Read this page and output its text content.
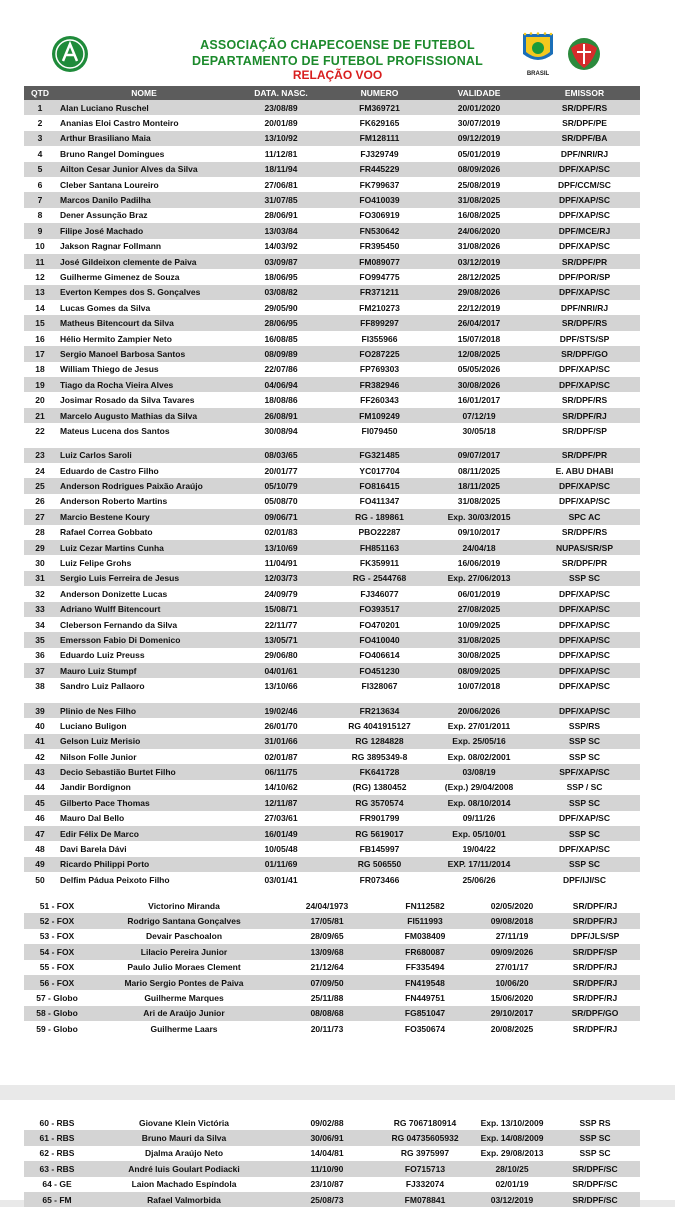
ASSOCIAÇÃO CHAPECOENSE DE FUTEBOL
DEPARTAMENTO DE FUTEBOL PROFISSIONAL
RELAÇÃO VOO	BRASIL
QTD	NOME	DATA. NASC.	NUMERO	VALIDADE	EMISSOR
1	Alan Luciano Ruschel	23/08/89	FM369721	20/01/2020	SR/DPF/RS
2	Ananias Eloi Castro Monteiro	20/01/89	FK629165	30/07/2019	SR/DPF/PE
3	Arthur Brasiliano Maia	13/10/92	FM128111	09/12/2019	SR/DPF/BA
4	Bruno Rangel Domingues	11/12/81	FJ329749	05/01/2019	DPF/NRI/RJ
5	Ailton Cesar Junior Alves da Silva	18/11/94	FR445229	08/09/2026	DPF/XAP/SC
6	Cleber Santana Loureiro	27/06/81	FK799637	25/08/2019	DPF/CCM/SC
7	Marcos Danilo Padilha	31/07/85	FO410039	31/08/2025	DPF/XAP/SC
8	Dener Assunção Braz	28/06/91	FO306919	16/08/2025	DPF/XAP/SC
9	Filipe José Machado	13/03/84	FN530642	24/06/2020	DPF/MCE/RJ
10	Jakson Ragnar Follmann	14/03/92	FR395450	31/08/2026	DPF/XAP/SC
11	José Gildeixon clemente de Paiva	03/09/87	FM089077	03/12/2019	SR/DPF/PR
12	Guilherme Gimenez de Souza	18/06/95	FO994775	28/12/2025	DPF/POR/SP
13	Everton Kempes dos S. Gonçalves	03/08/82	FR371211	29/08/2026	DPF/XAP/SC
14	Lucas Gomes da Silva	29/05/90	FM210273	22/12/2019	DPF/NRI/RJ
15	Matheus Bitencourt da Silva	28/06/95	FF899297	26/04/2017	SR/DPF/RS
16	Hélio Hermito Zampier Neto	16/08/85	FI355966	15/07/2018	DPF/STS/SP
17	Sergio Manoel Barbosa Santos	08/09/89	FO287225	12/08/2025	SR/DPF/GO
18	William Thiego de Jesus	22/07/86	FP769303	05/05/2026	DPF/XAP/SC
19	Tiago da Rocha Vieira Alves	04/06/94	FR382946	30/08/2026	DPF/XAP/SC
20	Josimar Rosado da Silva Tavares	18/08/86	FF260343	16/01/2017	SR/DPF/RS
21	Marcelo Augusto Mathias da Silva	26/08/91	FM109249	07/12/19	SR/DPF/RJ
22	Mateus Lucena dos Santos	30/08/94	FI079450	30/05/18	SR/DPF/SP

23	Luiz Carlos Saroli	08/03/65	FG321485	09/07/2017	SR/DPF/PR
24	Eduardo de Castro Filho	20/01/77	YC017704	08/11/2025	E. ABU DHABI
25	Anderson Rodrigues Paixão Araújo	05/10/79	FO816415	18/11/2025	DPF/XAP/SC
26	Anderson Roberto Martins	05/08/70	FO411347	31/08/2025	DPF/XAP/SC
27	Marcio Bestene Koury	09/06/71	RG - 189861	Exp. 30/03/2015	SPC AC
28	Rafael Correa Gobbato	02/01/83	PBO22287	09/10/2017	SR/DPF/RS
29	Luiz Cezar Martins Cunha	13/10/69	FH851163	24/04/18	NUPAS/SR/SP
30	Luiz Felipe Grohs	11/04/91	FK359911	16/06/2019	SR/DPF/PR
31	Sergio Luis Ferreira de Jesus	12/03/73	RG - 2544768	Exp. 27/06/2013	SSP SC
32	Anderson Donizette Lucas	24/09/79	FJ346077	06/01/2019	DPF/XAP/SC
33	Adriano Wulff Bitencourt	15/08/71	FO393517	27/08/2025	DPF/XAP/SC
34	Cleberson Fernando da Silva	22/11/77	FO470201	10/09/2025	DPF/XAP/SC
35	Emersson Fabio Di Domenico	13/05/71	FO410040	31/08/2025	DPF/XAP/SC
36	Eduardo Luiz Preuss	29/06/80	FO406614	30/08/2025	DPF/XAP/SC
37	Mauro Luiz Stumpf	04/01/61	FO451230	08/09/2025	DPF/XAP/SC
38	Sandro Luiz Pallaoro	13/10/66	FI328067	10/07/2018	DPF/XAP/SC

39	Plinio de Nes Filho	19/02/46	FR213634	20/06/2026	DPF/XAP/SC
40	Luciano Buligon	26/01/70	RG 4041915127	Exp. 27/01/2011	SSP/RS
41	Gelson Luiz Merisio	31/01/66	RG 1284828	Exp. 25/05/16	SSP SC
42	Nilson Folle Junior	02/01/87	RG 3895349-8	Exp. 08/02/2001	SSP SC
43	Decio Sebastião Burtet Filho	06/11/75	FK641728	03/08/19	SPF/XAP/SC
44	Jandir Bordignon	14/10/62	(RG) 1380452	(Exp.) 29/04/2008	SSP / SC
45	Gilberto Pace Thomas	12/11/87	RG 3570574	Exp. 08/10/2014	SSP SC
46	Mauro Dal Bello	27/03/61	FR901799	09/11/26	DPF/XAP/SC
47	Edir Félix De Marco	16/01/49	RG 5619017	Exp. 05/10/01	SSP SC
48	Davi Barela Dávi	10/05/48	FB145997	19/04/22	DPF/XAP/SC
49	Ricardo Philippi Porto	01/11/69	RG 506550	EXP. 17/11/2014	SSP SC
50	Delfim Pádua Peixoto Filho	03/01/41	FR073466	25/06/26	DPF/IJI/SC
51 - FOX	Victorino Miranda	24/04/1973	FN112582	02/05/2020	SR/DPF/RJ
52 - FOX	Rodrigo Santana Gonçalves	17/05/81	FI511993	09/08/2018	SR/DPF/RJ
53 - FOX	Devair Paschoalon	28/09/65	FM038409	27/11/19	DPF/JLS/SP
54 - FOX	Lilacio Pereira Junior	13/09/68	FR680087	09/09/2026	SR/DPF/SP
55 - FOX	Paulo Julio Moraes Clement	21/12/64	FF335494	27/01/17	SR/DPF/RJ
56 - FOX	Mario Sergio Pontes de Paiva	07/09/50	FN419548	10/06/20	SR/DPF/RJ
57 - Globo	Guilherme Marques	25/11/88	FN449751	15/06/2020	SR/DPF/RJ
58 - Globo	Ari de Araújo Junior	08/08/68	FG851047	29/10/2017	SR/DPF/GO
59 - Globo	Guilherme Laars	20/11/73	FO350674	20/08/2025	SR/DPF/RJ
60 - RBS	Giovane Klein Victória	09/02/88	RG 7067180914	Exp. 13/10/2009	SSP RS
61 - RBS	Bruno Mauri da Silva	30/06/91	RG 04735605932	Exp. 14/08/2009	SSP SC
62 - RBS	Djalma Araújo Neto	14/04/81	RG 3975997	Exp. 29/08/2013	SSP SC
63 - RBS	André luis Goulart Podiacki	11/10/90	FO715713	28/10/25	SR/DPF/SC
64 - GE	Laion Machado Espíndola	23/10/87	FJ332074	02/01/19	SR/DPF/SC
65 - FM	Rafael Valmorbida	25/08/73	FM078841	03/12/2019	SR/DPF/SC
